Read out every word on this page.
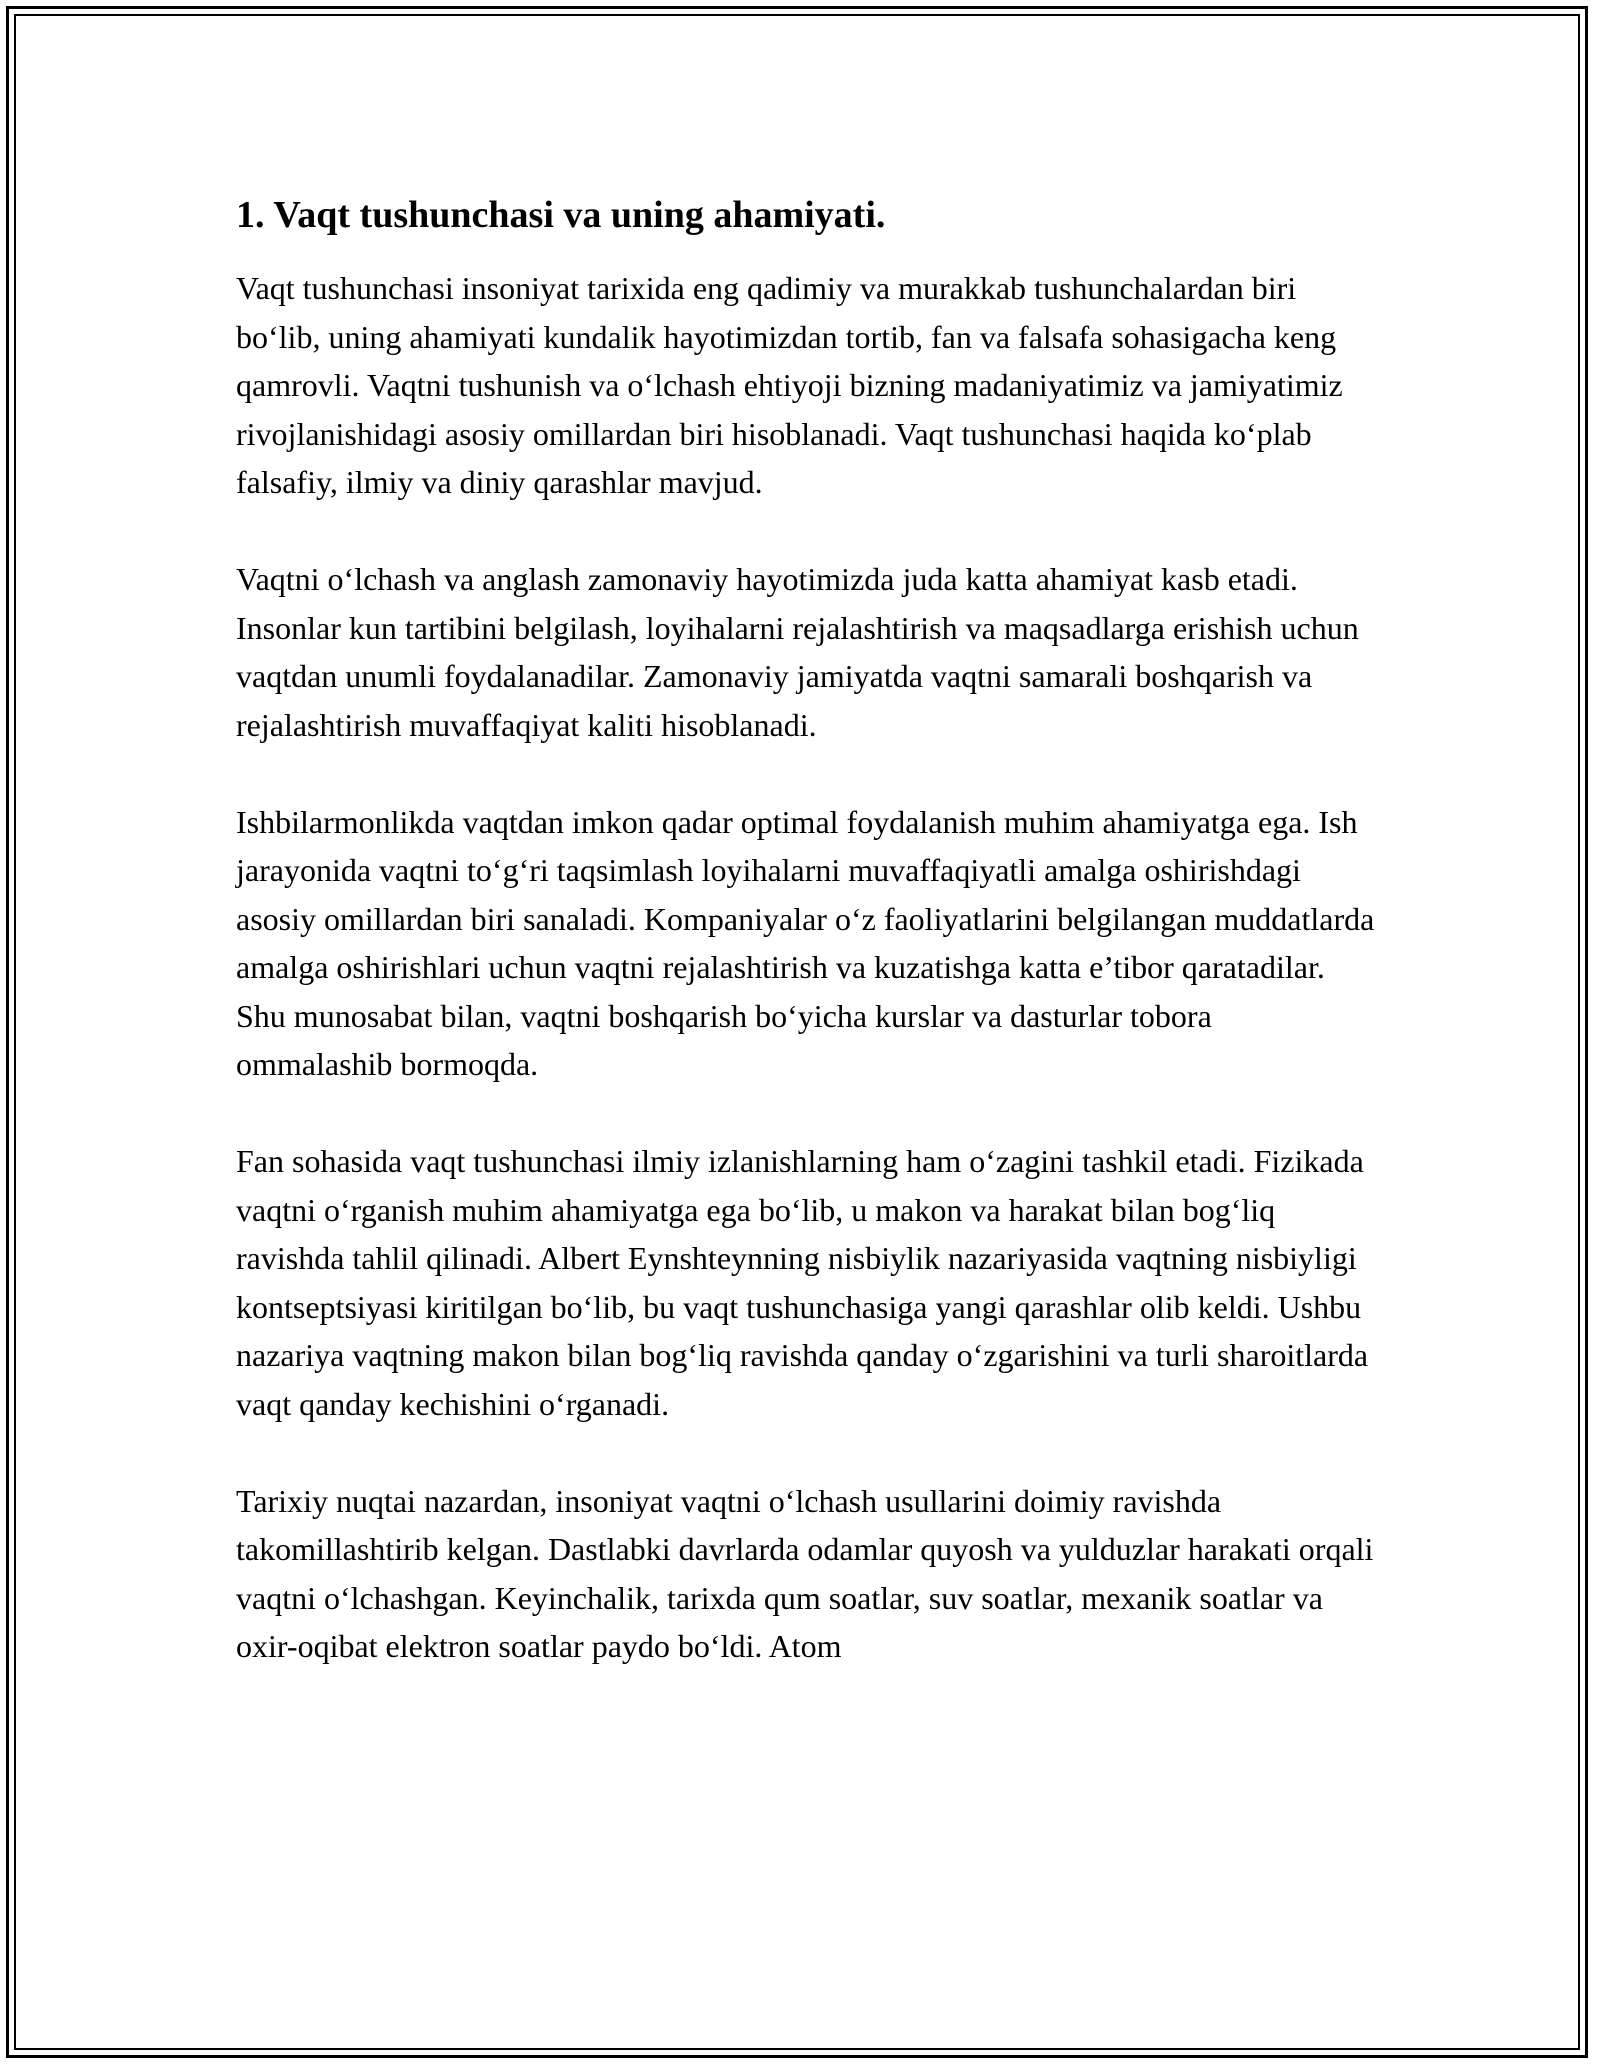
1. Vaqt tushunchasi va uning ahamiyati.

Vaqt tushunchasi insoniyat tarixida eng qadimiy va murakkab tushunchalardan biri bo‘lib, uning ahamiyati kundalik hayotimizdan tortib, fan va falsafa sohasigacha keng qamrovli. Vaqtni tushunish va o‘lchash ehtiyoji bizning madaniyatimiz va jamiyatimiz rivojlanishidagi asosiy omillardan biri hisoblanadi. Vaqt tushunchasi haqida ko‘plab falsafiy, ilmiy va diniy qarashlar mavjud.

Vaqtni o‘lchash va anglash zamonaviy hayotimizda juda katta ahamiyat kasb etadi. Insonlar kun tartibini belgilash, loyihalarni rejalashtirish va maqsadlarga erishish uchun vaqtdan unumli foydalanadilar. Zamonaviy jamiyatda vaqtni samarali boshqarish va rejalashtirish muvaffaqiyat kaliti hisoblanadi.

Ishbilarmonlikda vaqtdan imkon qadar optimal foydalanish muhim ahamiyatga ega. Ish jarayonida vaqtni to‘g‘ri taqsimlash loyihalarni muvaffaqiyatli amalga oshirishdagi asosiy omillardan biri sanaladi. Kompaniyalar o‘z faoliyatlarini belgilangan muddatlarda amalga oshirishlari uchun vaqtni rejalashtirish va kuzatishga katta e’tibor qaratadilar. Shu munosabat bilan, vaqtni boshqarish bo‘yicha kurslar va dasturlar tobora ommalashib bormoqda.

Fan sohasida vaqt tushunchasi ilmiy izlanishlarning ham o‘zagini tashkil etadi. Fizikada vaqtni o‘rganish muhim ahamiyatga ega bo‘lib, u makon va harakat bilan bog‘liq ravishda tahlil qilinadi. Albert Eynshteynning nisbiylik nazariyasida vaqtning nisbiyligi kontseptsiyasi kiritilgan bo‘lib, bu vaqt tushunchasiga yangi qarashlar olib keldi. Ushbu nazariya vaqtning makon bilan bog‘liq ravishda qanday o‘zgarishini va turli sharoitlarda vaqt qanday kechishini o‘rganadi.

Tarixiy nuqtai nazardan, insoniyat vaqtni o‘lchash usullarini doimiy ravishda takomillashtirib kelgan. Dastlabki davrlarda odamlar quyosh va yulduzlar harakati orqali vaqtni o‘lchashgan. Keyinchalik, tarixda qum soatlar, suv soatlar, mexanik soatlar va oxir-oqibat elektron soatlar paydo bo‘ldi. Atom
